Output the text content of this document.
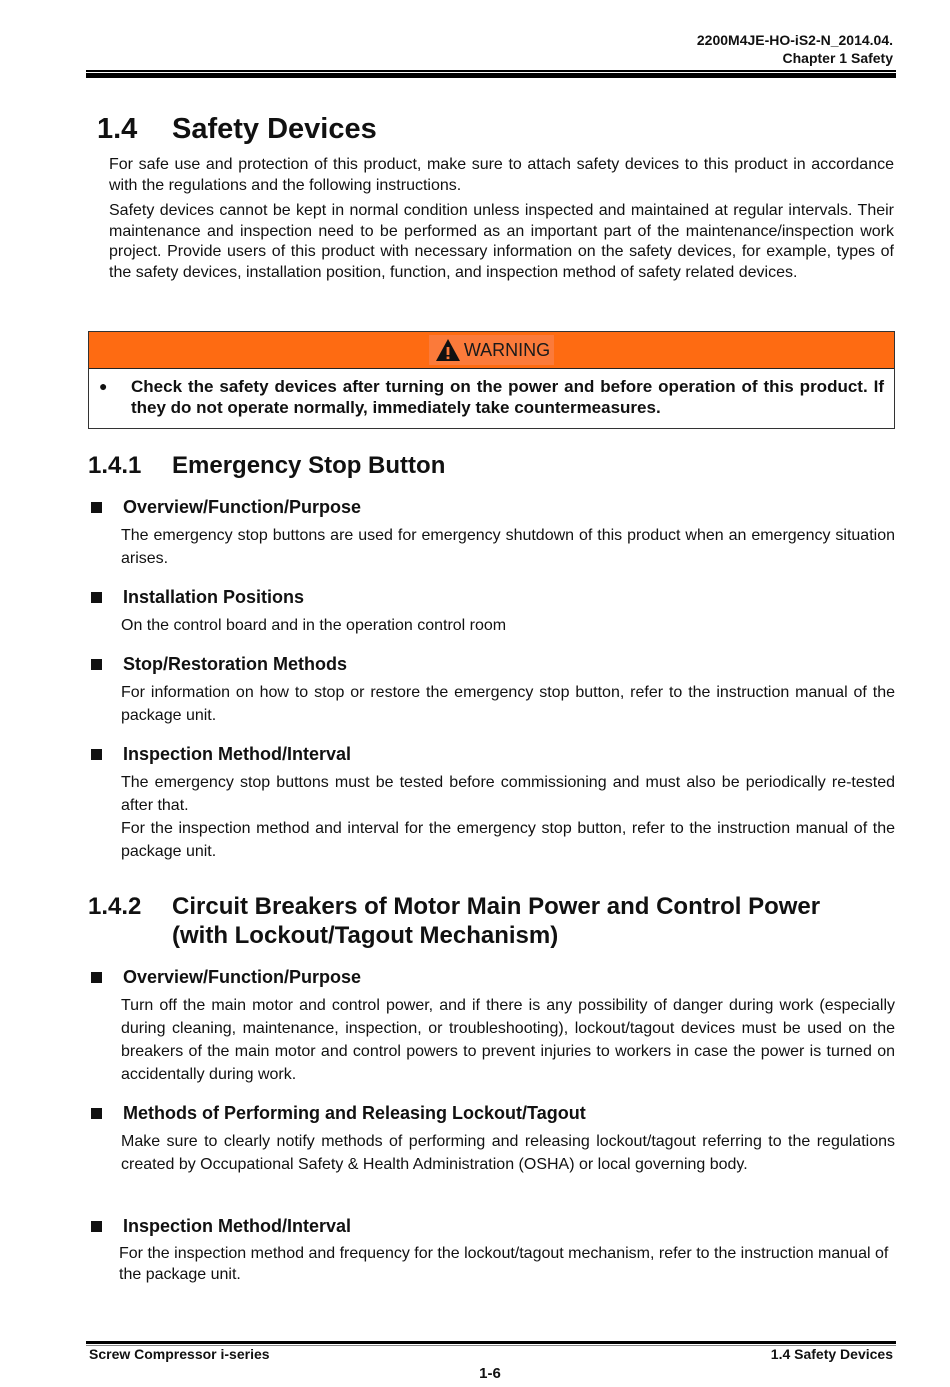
2200M4JE-HO-iS2-N_2014.04.
Chapter 1 Safety
1.4 Safety Devices

For safe use and protection of this product, make sure to attach safety devices to this product in accordance with the regulations and the following instructions.

Safety devices cannot be kept in normal condition unless inspected and maintained at regular intervals. Their maintenance and inspection need to be performed as an important part of the maintenance/inspection work project. Provide users of this product with necessary information on the safety devices, for example, types of the safety devices, installation position, function, and inspection method of safety related devices.

WARNING
●	Check the safety devices after turning on the power and before operation of this product. If they do not operate normally, immediately take countermeasures.
1.4.1 Emergency Stop Button
Overview/Function/Purpose
The emergency stop buttons are used for emergency shutdown of this product when an emergency situation arises.
Installation Positions
On the control board and in the operation control room
Stop/Restoration Methods
For information on how to stop or restore the emergency stop button, refer to the instruction manual of the package unit.
Inspection Method/Interval
The emergency stop buttons must be tested before commissioning and must also be periodically re-tested after that.
For the inspection method and interval for the emergency stop button, refer to the instruction manual of the package unit.
1.4.2 Circuit Breakers of Motor Main Power and Control Power
(with Lockout/Tagout Mechanism)
Overview/Function/Purpose
Turn off the main motor and control power, and if there is any possibility of danger during work (especially during cleaning, maintenance, inspection, or troubleshooting), lockout/tagout devices must be used on the breakers of the main motor and control powers to prevent injuries to workers in case the power is turned on accidentally during work.
Methods of Performing and Releasing Lockout/Tagout
Make sure to clearly notify methods of performing and releasing lockout/tagout referring to the regulations created by Occupational Safety & Health Administration (OSHA) or local governing body.
Inspection Method/Interval
For the inspection method and frequency for the lockout/tagout mechanism, refer to the instruction manual of the package unit.
Screw Compressor i-series	1.4 Safety Devices
1-6
